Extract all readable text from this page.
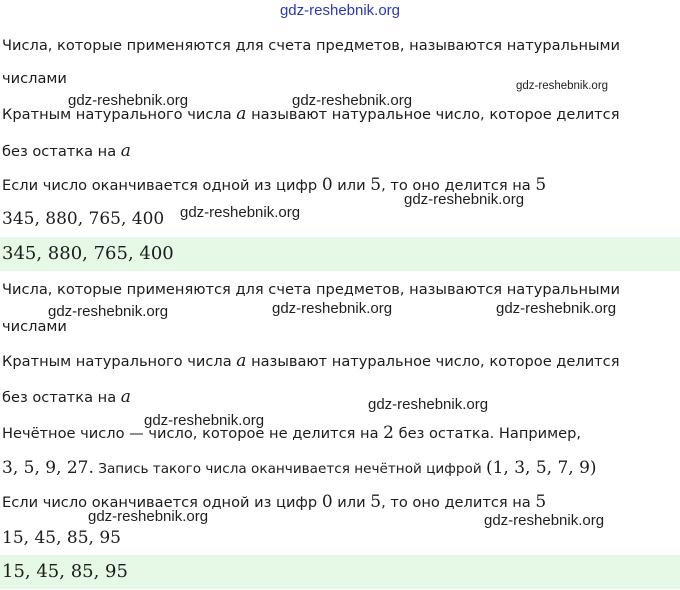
gdz-reshebnik.org
Числа, которые применяются для счета предметов, называются натуральными
числами
Кратным натурального числа a называют натуральное число, которое делится
без остатка на a
Если число оканчивается одной из цифр 0 или 5, то оно делится на 5
345, 880, 765, 400
345, 880, 765, 400
Числа, которые применяются для счета предметов, называются натуральными
числами
Кратным натурального числа a называют натуральное число, которое делится
без остатка на a
Нечётное число — число, которое не делится на 2 без остатка. Например,
3, 5, 9, 27. Запись такого числа оканчивается нечётной цифрой (1, 3, 5, 7, 9)
Если число оканчивается одной из цифр 0 или 5, то оно делится на 5
15, 45, 85, 95
15, 45, 85, 95
gdz-reshebnik.org
gdz-reshebnik.org	gdz-reshebnik.org
gdz-reshebnik.org
gdz-reshebnik.org
gdz-reshebnik.org	gdz-reshebnik.org	gdz-reshebnik.org
gdz-reshebnik.org
gdz-reshebnik.org
gdz-reshebnik.org	gdz-reshebnik.org
